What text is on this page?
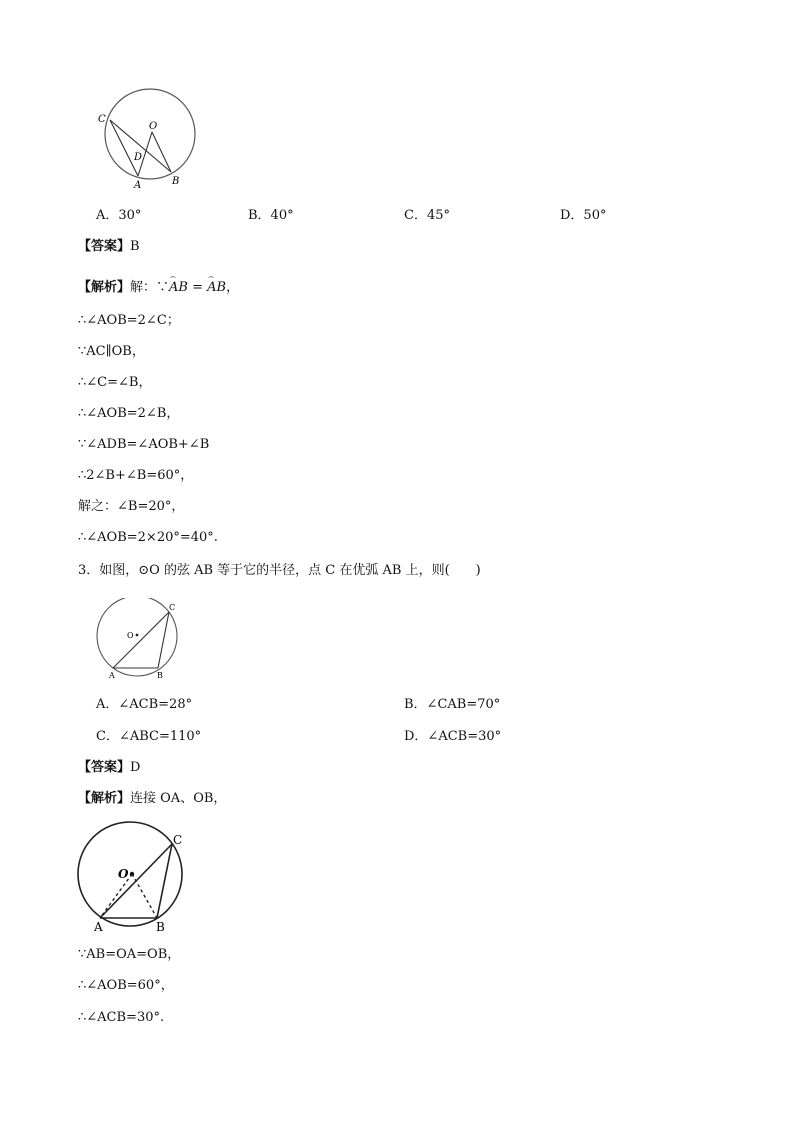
C
O
D
A	B
A．30°	B．40°	C．45°	D．50°
【答案】B
【解析】解：∵⌢ AB = ⌢ AB，
∴∠AOB=2∠C；
∵AC∥OB，
∴∠C=∠B，
∴∠AOB=2∠B，
∵∠ADB=∠AOB+∠B
∴2∠B+∠B=60°，
解之：∠B=20°，
∴∠AOB=2×20°=40°.
3．如图，⊙O 的弦 AB 等于它的半径，点 C 在优弧 AB 上，则(　　)
O
A	B
C
A．∠ACB=28°	B．∠CAB=70°
C．∠ABC=110°	D．∠ACB=30°
【答案】D
【解析】连接 OA、OB，
O
A	B
C
∵AB=OA=OB，
∴∠AOB=60°，
∴∠ACB=30°.
